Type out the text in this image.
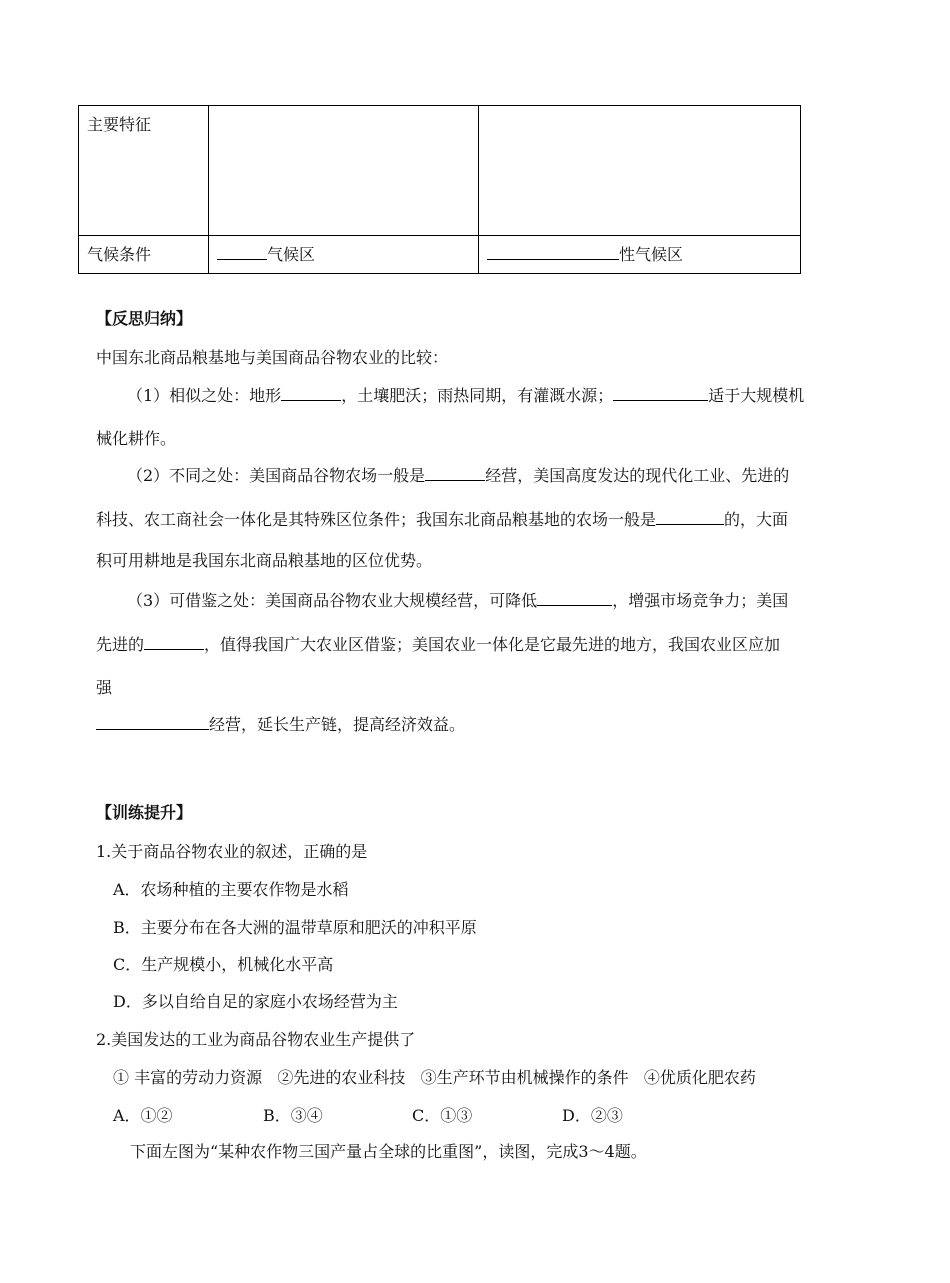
主要特征		
气候条件	气候区	性气候区
【反思归纳】
中国东北商品粮基地与美国商品谷物农业的比较：
（1）相似之处：地形	，土壤肥沃；雨热同期，有灌溉水源；	适于大规模机
械化耕作。
（2）不同之处：美国商品谷物农场一般是	经营，美国高度发达的现代化工业、先进的
科技、农工商社会一体化是其特殊区位条件；我国东北商品粮基地的农场一般是	的，大面
积可用耕地是我国东北商品粮基地的区位优势。
（3）可借鉴之处：美国商品谷物农业大规模经营，可降低	，增强市场竞争力；美国
先进的	，值得我国广大农业区借鉴；美国农业一体化是它最先进的地方，我国农业区应加
强
经营，延长生产链，提高经济效益。
【训练提升】
1.关于商品谷物农业的叙述，正确的是
A．农场种植的主要农作物是水稻
B．主要分布在各大洲的温带草原和肥沃的冲积平原
C．生产规模小，机械化水平高
D．多以自给自足的家庭小农场经营为主
2.美国发达的工业为商品谷物农业生产提供了
① 丰富的劳动力资源   ②先进的农业科技   ③生产环节由机械操作的条件   ④优质化肥农药
A．①②	B．③④	C．①③	D．②③
下面左图为“某种农作物三国产量占全球的比重图”，读图，完成3～4题。
